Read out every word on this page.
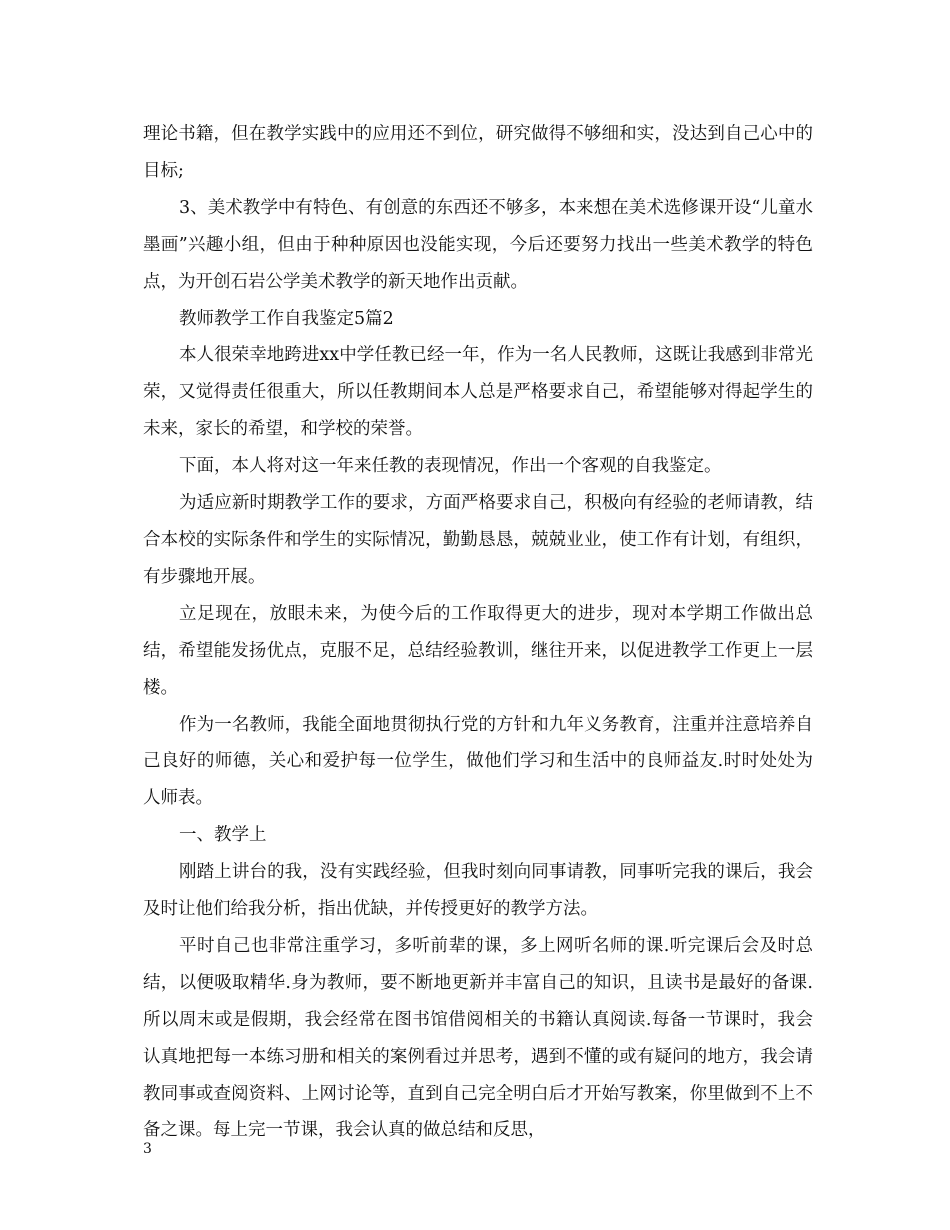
理论书籍，但在教学实践中的应用还不到位，研究做得不够细和实，没达到自己心中的目标;

3、美术教学中有特色、有创意的东西还不够多，本来想在美术选修课开设“儿童水墨画”兴趣小组，但由于种种原因也没能实现，今后还要努力找出一些美术教学的特色点，为开创石岩公学美术教学的新天地作出贡献。

教师教学工作自我鉴定5篇2

本人很荣幸地跨进xx中学任教已经一年，作为一名人民教师，这既让我感到非常光荣，又觉得责任很重大，所以任教期间本人总是严格要求自己，希望能够对得起学生的未来，家长的希望，和学校的荣誉。

下面，本人将对这一年来任教的表现情况，作出一个客观的自我鉴定。

为适应新时期教学工作的要求，方面严格要求自己，积极向有经验的老师请教，结合本校的实际条件和学生的实际情况，勤勤恳恳，兢兢业业，使工作有计划，有组织，有步骤地开展。

立足现在，放眼未来，为使今后的工作取得更大的进步，现对本学期工作做出总结，希望能发扬优点，克服不足，总结经验教训，继往开来，以促进教学工作更上一层楼。

作为一名教师，我能全面地贯彻执行党的方针和九年义务教育，注重并注意培养自己良好的师德，关心和爱护每一位学生，做他们学习和生活中的良师益友.时时处处为人师表。

一、教学上

刚踏上讲台的我，没有实践经验，但我时刻向同事请教，同事听完我的课后，我会及时让他们给我分析，指出优缺，并传授更好的教学方法。

平时自己也非常注重学习，多听前辈的课，多上网听名师的课.听完课后会及时总结，以便吸取精华.身为教师，要不断地更新并丰富自己的知识，且读书是最好的备课.所以周末或是假期，我会经常在图书馆借阅相关的书籍认真阅读.每备一节课时，我会认真地把每一本练习册和相关的案例看过并思考，遇到不懂的或有疑问的地方，我会请教同事或查阅资料、上网讨论等，直到自己完全明白后才开始写教案，你里做到不上不备之课。每上完一节课，我会认真的做总结和反思，

3
